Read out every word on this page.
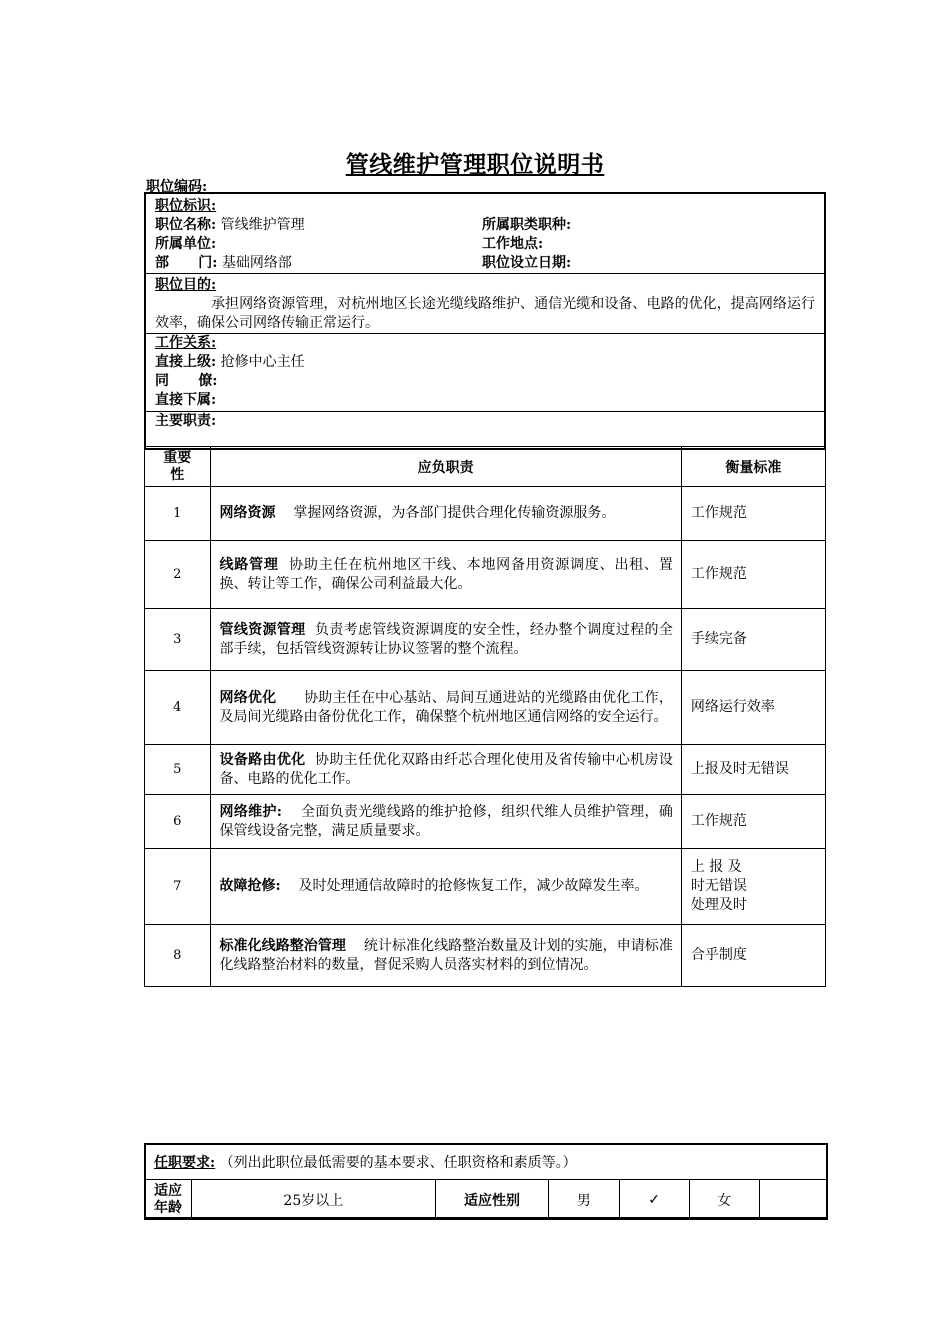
管线维护管理职位说明书
职位编码:
职位标识:
职位名称: 管线维护管理	所属职类职种:
所属单位:	工作地点:
部      门: 基础网络部	职位设立日期:
职位目的:
承担网络资源管理，对杭州地区长途光缆线路维护、通信光缆和设备、电路的优化，提高网络运行效率，确保公司网络传输正常运行。
工作关系:
直接上级: 抢修中心主任
同      僚:
直接下属:
主要职责:
重要性	应负职责	衡量标准
1	网络资源    掌握网络资源，为各部门提供合理化传输资源服务。	工作规范
2	线路管理  协助主任在杭州地区干线、本地网备用资源调度、出租、置换、转让等工作，确保公司利益最大化。	工作规范
3	管线资源管理  负责考虑管线资源调度的安全性，经办整个调度过程的全部手续，包括管线资源转让协议签署的整个流程。	手续完备
4	网络优化      协助主任在中心基站、局间互通进站的光缆路由优化工作，及局间光缆路由备份优化工作，确保整个杭州地区通信网络的安全运行。	网络运行效率
5	设备路由优化  协助主任优化双路由纤芯合理化使用及省传输中心机房设备、电路的优化工作。	上报及时无错误
6	网络维护:    全面负责光缆线路的维护抢修，组织代维人员维护管理，确保管线设备完整，满足质量要求。	工作规范
7	故障抢修:    及时处理通信故障时的抢修恢复工作，减少故障发生率。	上 报 及
时无错误
处理及时
8	标准化线路整治管理    统计标准化线路整治数量及计划的实施，申请标准化线路整治材料的数量，督促采购人员落实材料的到位情况。	合乎制度
任职要求: （列出此职位最低需要的基本要求、任职资格和素质等。）
适应年龄	25岁以上	适应性别	男	✓	女	
